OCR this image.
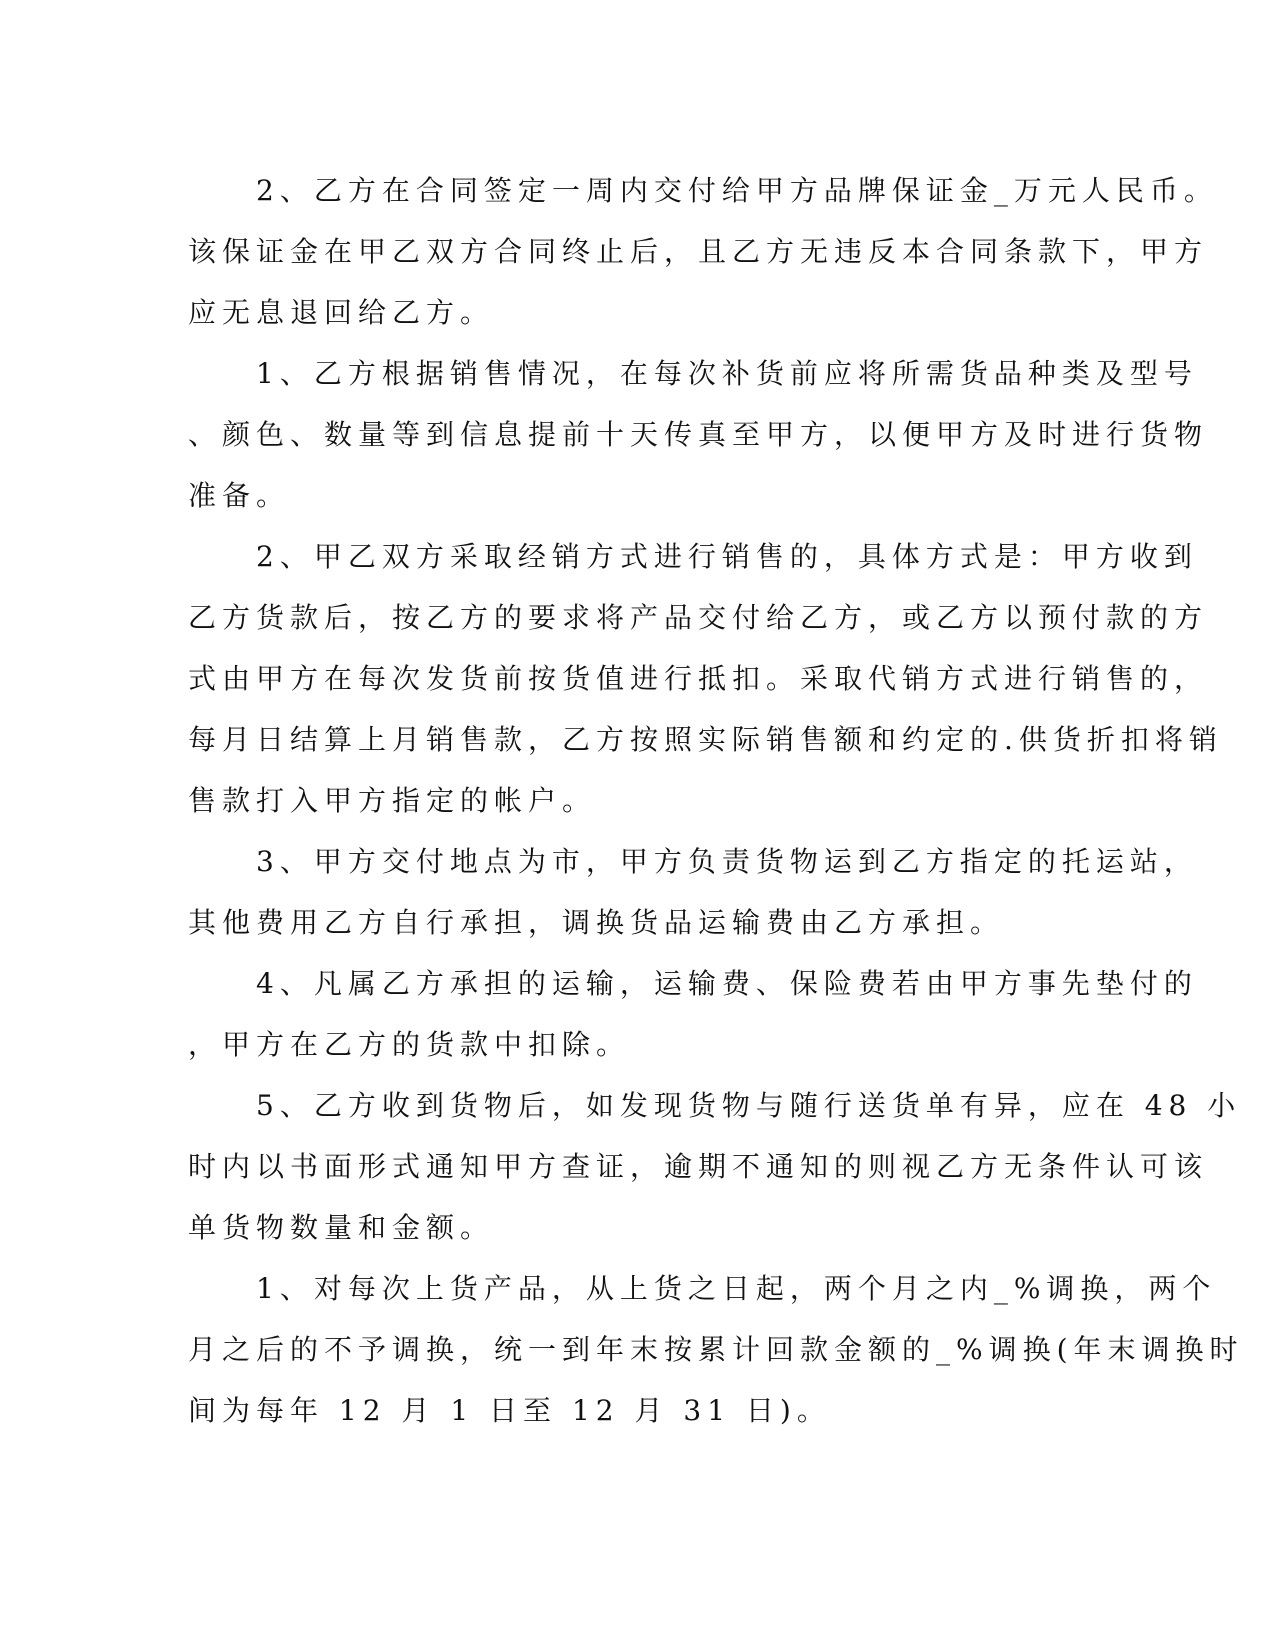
　　2、乙方在合同签定一周内交付给甲方品牌保证金_万元人民币。
该保证金在甲乙双方合同终止后，且乙方无违反本合同条款下，甲方
应无息退回给乙方。
　　1、乙方根据销售情况，在每次补货前应将所需货品种类及型号
、颜色、数量等到信息提前十天传真至甲方，以便甲方及时进行货物
准备。
　　2、甲乙双方采取经销方式进行销售的，具体方式是：甲方收到
乙方货款后，按乙方的要求将产品交付给乙方，或乙方以预付款的方
式由甲方在每次发货前按货值进行抵扣。采取代销方式进行销售的，
每月日结算上月销售款，乙方按照实际销售额和约定的.供货折扣将销
售款打入甲方指定的帐户。
　　3、甲方交付地点为市，甲方负责货物运到乙方指定的托运站，
其他费用乙方自行承担，调换货品运输费由乙方承担。
　　4、凡属乙方承担的运输，运输费、保险费若由甲方事先垫付的
，甲方在乙方的货款中扣除。
　　5、乙方收到货物后，如发现货物与随行送货单有异，应在 48 小
时内以书面形式通知甲方查证，逾期不通知的则视乙方无条件认可该
单货物数量和金额。
　　1、对每次上货产品，从上货之日起，两个月之内_%调换，两个
月之后的不予调换，统一到年末按累计回款金额的_%调换(年末调换时
间为每年 12 月 1 日至 12 月 31 日)。
